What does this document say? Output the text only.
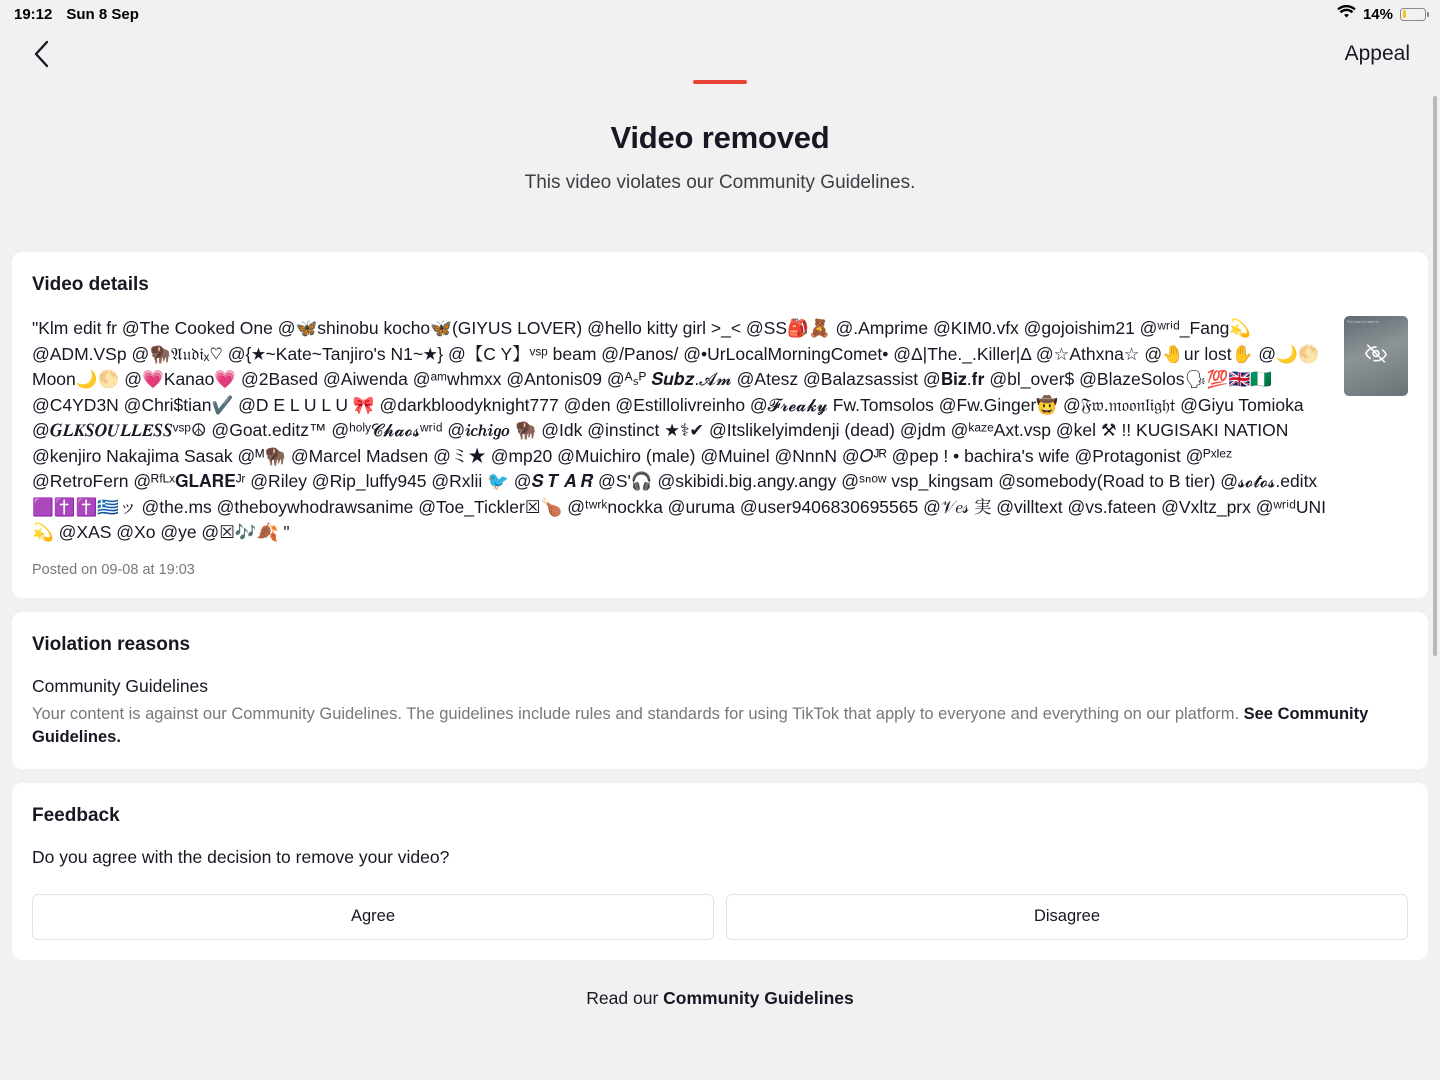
19:12 Sun 8 Sep	14%
Appeal
Video removed

This video violates our Community Guidelines.

Video details
"Klm edit fr @The Cooked One @🦋shinobu kocho🦋(GIYUS LOVER) @hello kitty girl >_< @SS🎒🧸 @.Amprime @KIM0.vfx @gojoishim21 @ʷʳⁱᵈ_Fang💫 @ADM.VSp @🦬𝔄𝔲𝔡𝔦ₓ♡ @{★~Kate~Tanjiro's N1~★} @【C Y】ᵛˢᵖ beam @/Panos/ @•UrLocalMorningComet• @Δ|The._.Killer|Δ @☆Athxna☆ @🤚ur lost✋ @🌙🌕 Moon🌙🌕 @💗Kanao💗 @2Based @Aiwenda @ᵃᵐwhmxx @Antonis09 @ᴬₛᴾ 𝑺𝒖𝒃𝒛.𝓐𝓶 @Atesz @Balazsassist @𝐁𝐢𝐳.𝐟𝐫 @bl_over$ @BlazeSolos🗣💯🇬🇧🇳🇬 @C4YD3N @Chri$tian✔️ @D E L U L U 🎀 @darkbloodyknight777 @den @Estillolivreinho @𝓕𝓻𝓮𝓪𝓴𝔂 Fw.Tomsolos @Fw.Ginger🤠 @𝔉𝔴.𝔪𝔬𝔬𝔫𝔩𝔦𝔤𝔥𝔱 @Giyu Tomioka @𝑮𝑳𝑲𝑺𝑶𝑼𝑳𝑳𝑬𝑺𝑺ᵛˢᵖ☮ @Goat.editz™ @ʰᵒˡʸ𝓒𝓱𝓪𝓸𝓼ʷʳⁱᵈ @𝒊𝒄𝒉𝒊𝒈𝒐 🦬 @Idk @instinct ★⚕✔ @Itslikelyimdenji (dead) @jdm @ᵏᵃᶻᵉAxt.vsp @kel ⚒ !! KUGISAKI NATION @kenjiro Nakajima Sasak @ᴹ🦬 @Marcel Madsen @ミ★ @mp20 @Muichiro (male) @Muinel @NnnN @𝑂ᴶᴿ @pep ! • bachira's wife @Protagonist @ᴾˣᴵᵉᶻ @RetroFern @ᴿᶠᴸˣ𝐆𝐋𝐀𝐑𝐄ᴶʳ @Riley @Rip_luffy945 @Rxlii 🐦 @𝑺 𝑻 𝑨 𝑹 @S'🎧 @skibidi.big.angy.angy @ˢⁿᵒʷ vsp_kingsam @somebody(Road to B tier) @𝓼𝓸𝓽𝓸𝓼.editx🟪✝️✝️🇬🇷ッ @the.ms @theboywhodrawsanime @Toe_Tickler☒🍗 @ᵗʷʳᵏnockka @uruma @user9406830695565 @𝒱𝑒𝓈 実 @villtext @vs.fateen @Vxltz_prx @ʷʳⁱᵈUNI💫 @XAS @Xo @ye @☒🎶🍂 "
Posted on 09-08 at 19:03
Ppl who is here in
Violation reasons
Community Guidelines
Your content is against our Community Guidelines. The guidelines include rules and standards for using TikTok that apply to everyone and everything on our platform. See Community Guidelines.
Feedback
Do you agree with the decision to remove your video?
Agree	Disagree
Read our Community Guidelines
